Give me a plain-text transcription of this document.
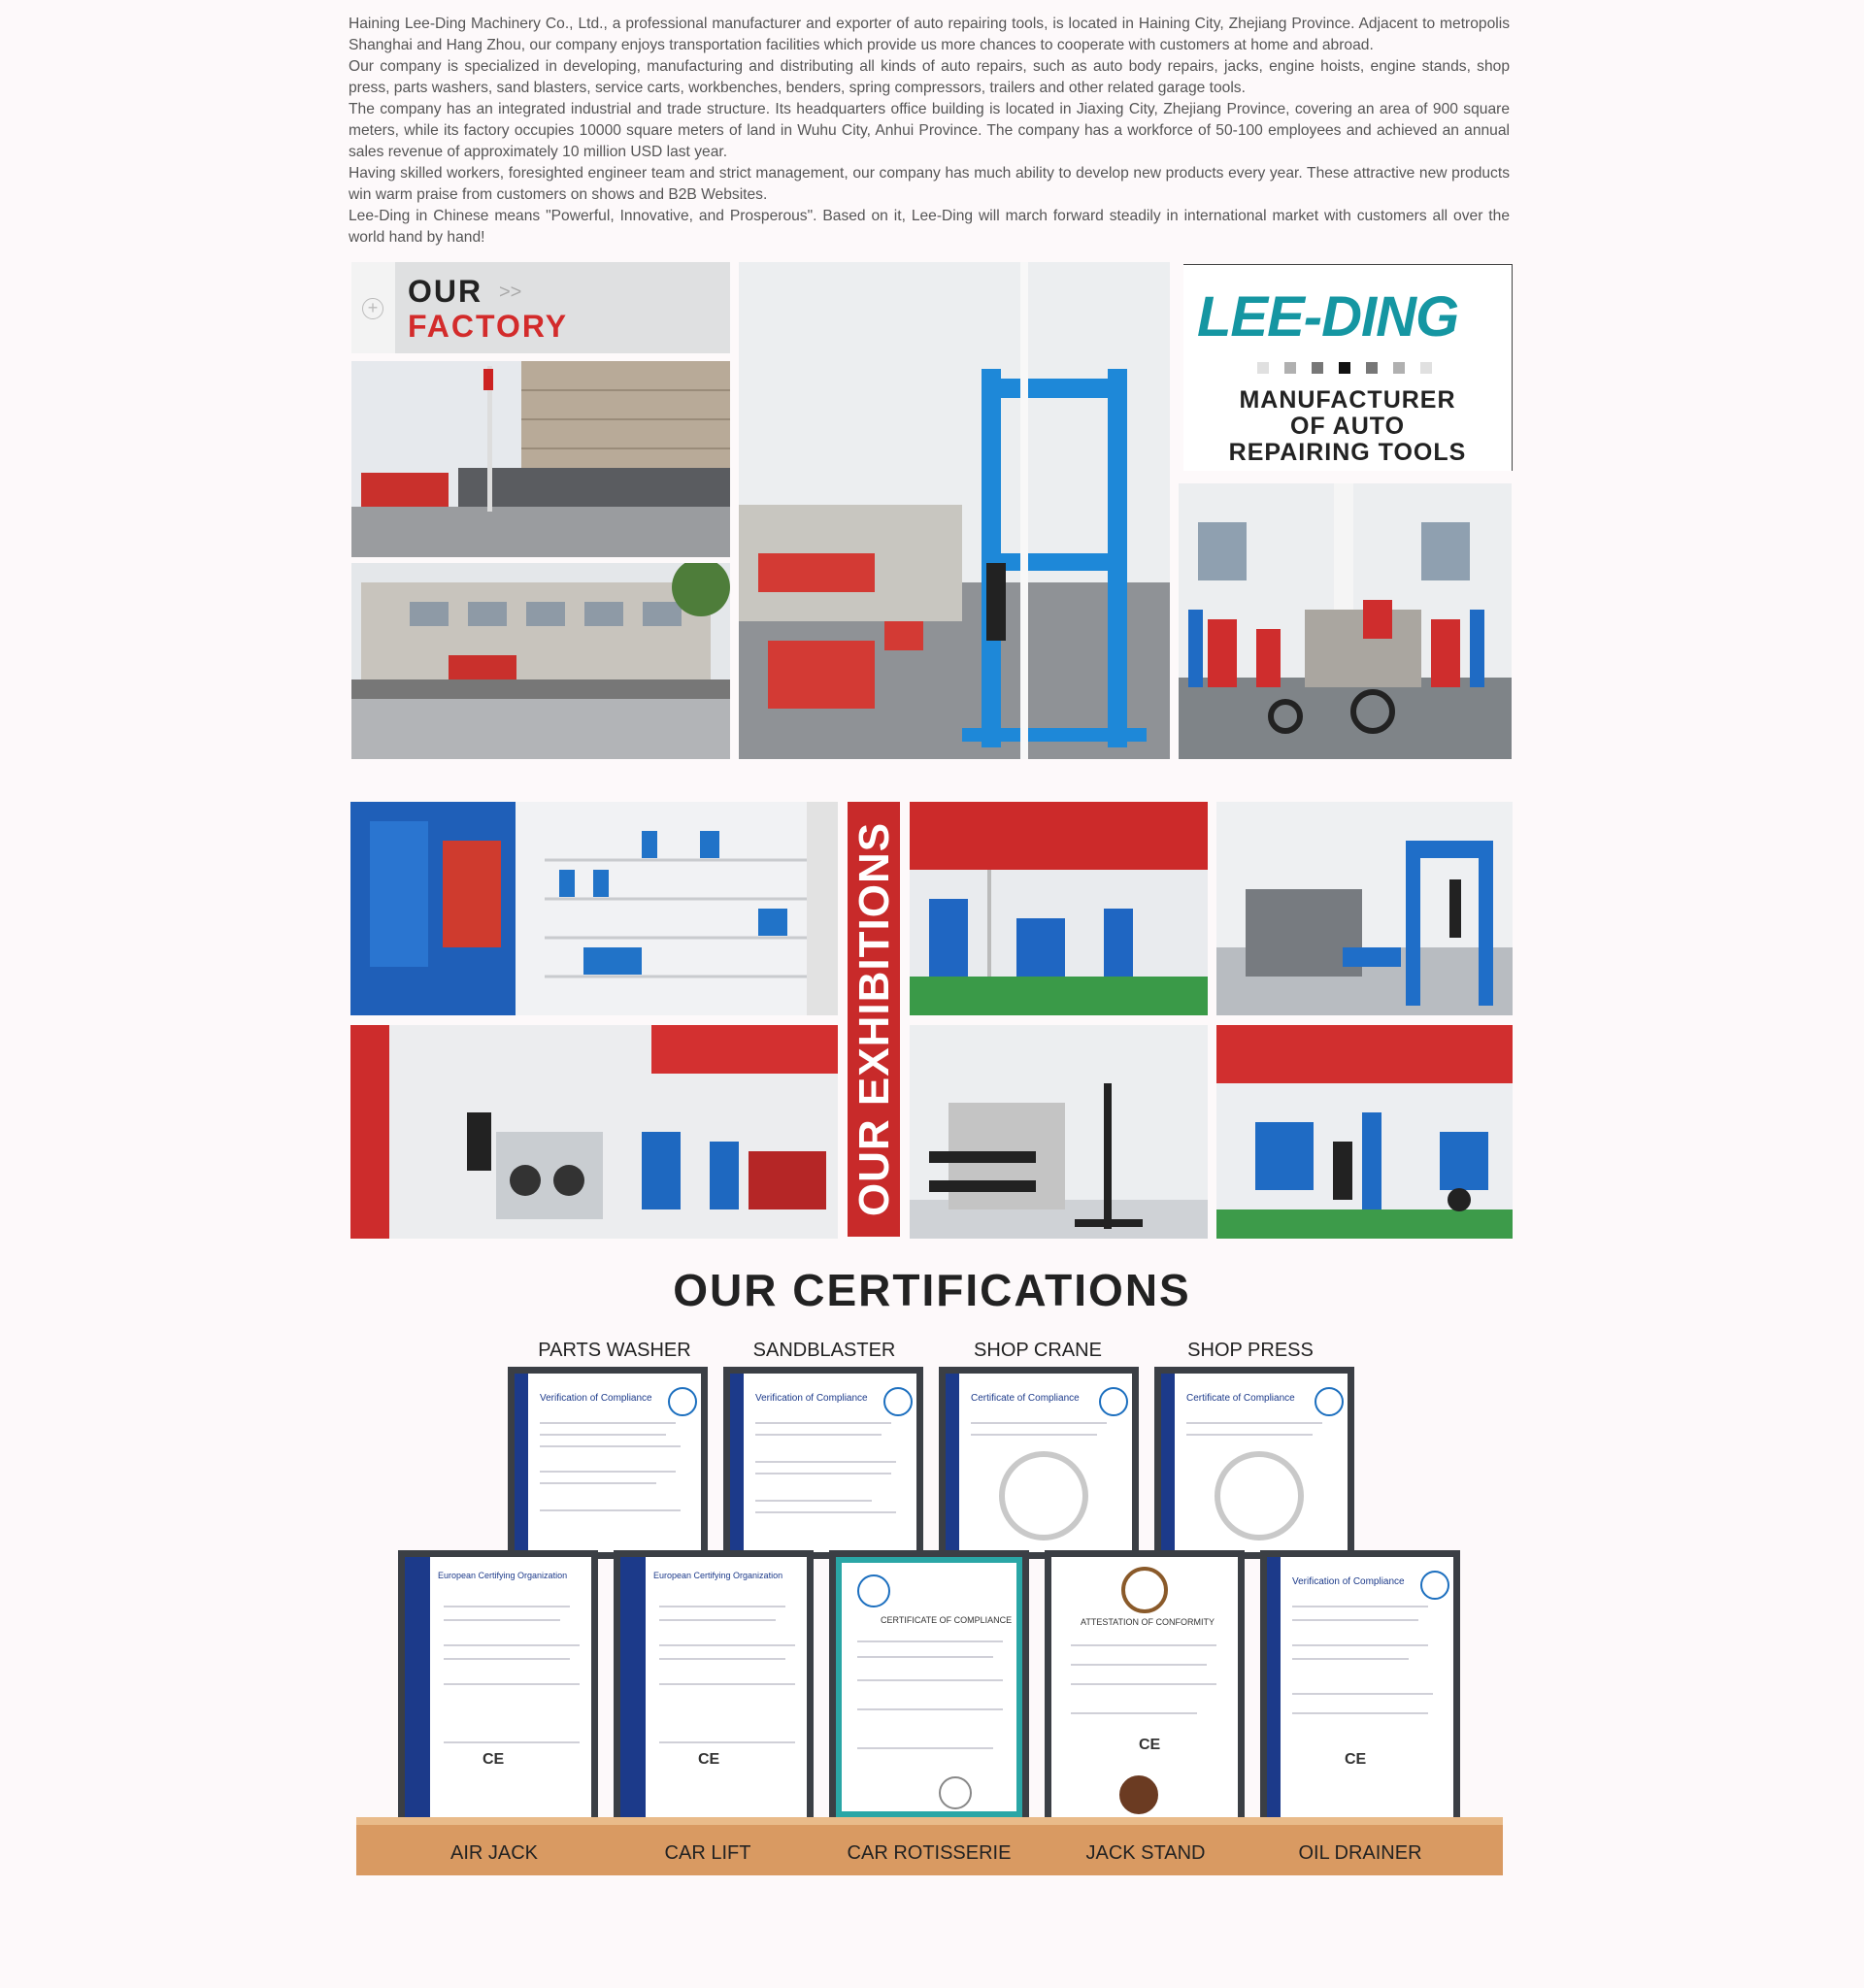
Haining Lee-Ding Machinery Co., Ltd., a professional manufacturer and exporter of auto repairing tools, is located in Haining City, Zhejiang Province. Adjacent to metropolis Shanghai and Hang Zhou, our company enjoys transportation facilities which provide us more chances to cooperate with customers at home and abroad.

Our company is specialized in developing, manufacturing and distributing all kinds of auto repairs, such as auto body repairs, jacks, engine hoists, engine stands, shop press, parts washers, sand blasters, service carts, workbenches, benders, spring compressors, trailers and other related garage tools.

The company has an integrated industrial and trade structure. Its headquarters office building is located in Jiaxing City, Zhejiang Province, covering an area of 900 square meters, while its factory occupies 10000 square meters of land in Wuhu City, Anhui Province. The company has a workforce of 50-100 employees and achieved an annual sales revenue of approximately 10 million USD last year.

Having skilled workers, foresighted engineer team and strict management, our company has much ability to develop new products every year. These attractive new products win warm praise from customers on shows and B2B Websites.

Lee-Ding in Chinese means "Powerful, Innovative, and Prosperous". Based on it, Lee-Ding will march forward steadily in international market with customers all over the world hand by hand!

+ OUR >>
FACTORY	LEE-DING
MANUFACTURER
OF AUTO
REPAIRING TOOLS
OUR EXHIBITIONS
OUR CERTIFICATIONS
PARTS WASHER	SANDBLASTER	SHOP CRANE	SHOP PRESS
Verification of Compliance	Verification of Compliance	Certificate of Compliance	Certificate of Compliance
European Certifying Organization
CE
European Certifying Organization
CE
CERTIFICATE OF COMPLIANCE	ATTESTATION OF CONFORMITY
CE
Verification of Compliance
CE
AIR JACK	CAR LIFT	CAR ROTISSERIE	JACK STAND	OIL DRAINER
